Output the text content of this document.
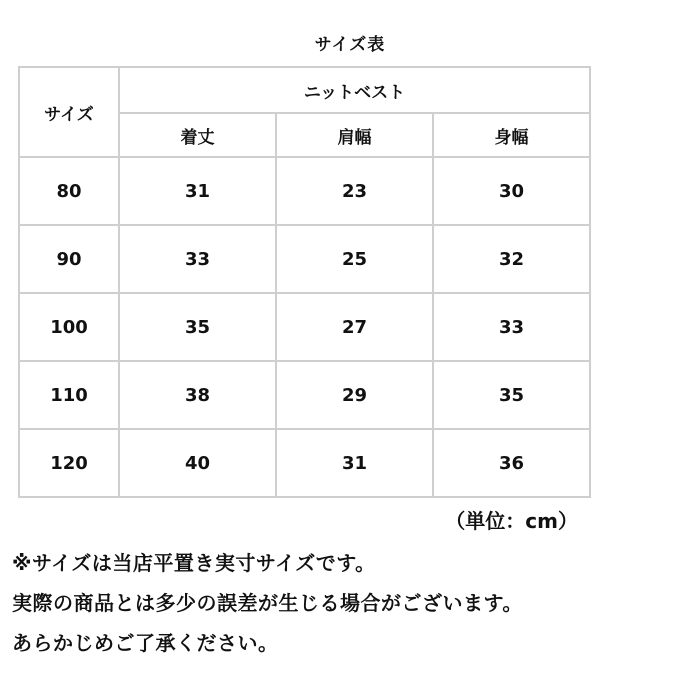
サイズ表
サイズ	ニットベスト		
	着丈	肩幅	身幅
80	31	23	30
90	33	25	32
100	35	27	33
110	38	29	35
120	40	31	36
（単位：cm）
※サイズは当店平置き実寸サイズです。
実際の商品とは多少の誤差が生じる場合がございます。
あらかじめご了承ください。
